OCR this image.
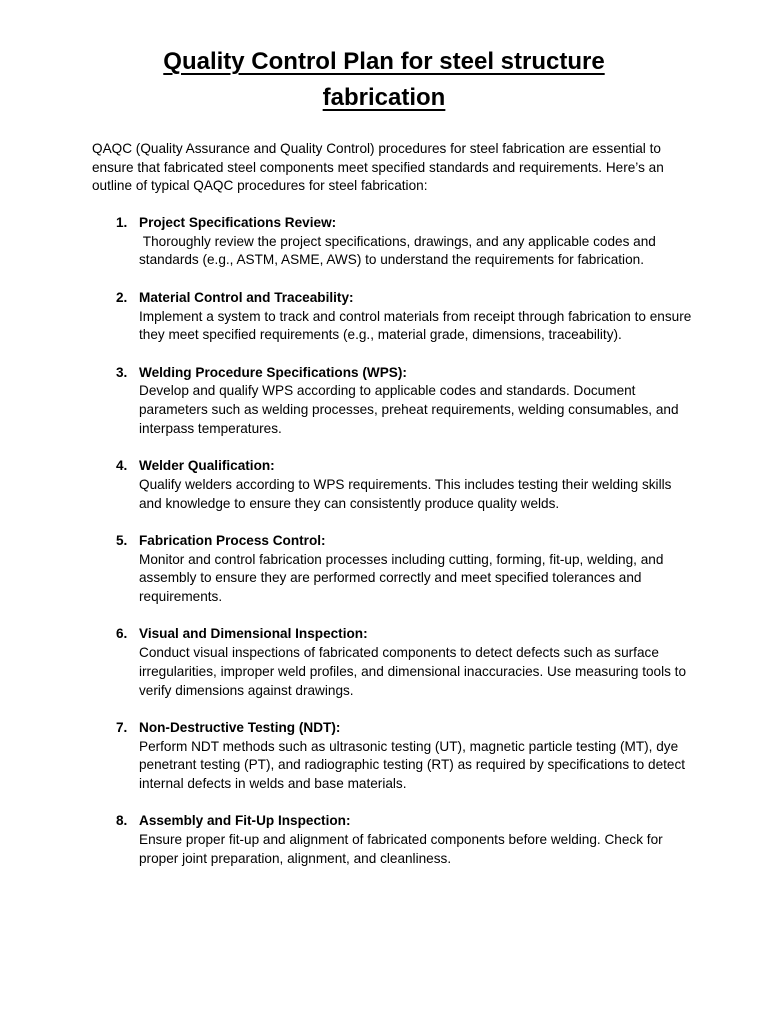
Quality Control Plan for steel structure fabrication

QAQC (Quality Assurance and Quality Control) procedures for steel fabrication are essential to ensure that fabricated steel components meet specified standards and requirements. Here’s an outline of typical QAQC procedures for steel fabrication:

1. Project Specifications Review:
Thoroughly review the project specifications, drawings, and any applicable codes and standards (e.g., ASTM, ASME, AWS) to understand the requirements for fabrication.
2. Material Control and Traceability:
Implement a system to track and control materials from receipt through fabrication to ensure they meet specified requirements (e.g., material grade, dimensions, traceability).
3. Welding Procedure Specifications (WPS):
Develop and qualify WPS according to applicable codes and standards. Document parameters such as welding processes, preheat requirements, welding consumables, and interpass temperatures.
4. Welder Qualification:
Qualify welders according to WPS requirements. This includes testing their welding skills and knowledge to ensure they can consistently produce quality welds.
5. Fabrication Process Control:
Monitor and control fabrication processes including cutting, forming, fit-up, welding, and assembly to ensure they are performed correctly and meet specified tolerances and requirements.
6. Visual and Dimensional Inspection:
Conduct visual inspections of fabricated components to detect defects such as surface irregularities, improper weld profiles, and dimensional inaccuracies. Use measuring tools to verify dimensions against drawings.
7. Non-Destructive Testing (NDT):
Perform NDT methods such as ultrasonic testing (UT), magnetic particle testing (MT), dye penetrant testing (PT), and radiographic testing (RT) as required by specifications to detect internal defects in welds and base materials.
8. Assembly and Fit-Up Inspection:
Ensure proper fit-up and alignment of fabricated components before welding. Check for proper joint preparation, alignment, and cleanliness.
